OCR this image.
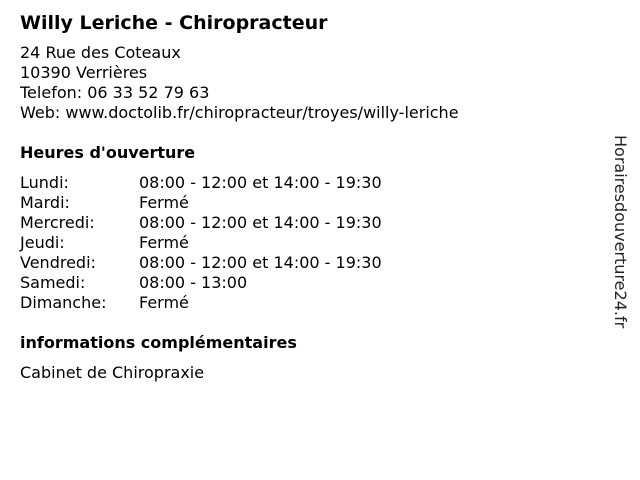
Willy Leriche - Chiropracteur
24 Rue des Coteaux
10390 Verrières
Telefon: 06 33 52 79 63
Web: www.doctolib.fr/chiropracteur/troyes/willy-leriche
Heures d'ouverture
Lundi:	08:00 - 12:00 et 14:00 - 19:30
Mardi:	Fermé
Mercredi:	08:00 - 12:00 et 14:00 - 19:30
Jeudi:	Fermé
Vendredi:	08:00 - 12:00 et 14:00 - 19:30
Samedi:	08:00 - 13:00
Dimanche:	Fermé
informations complémentaires
Cabinet de Chiropraxie
Horairesdouverture24.fr
